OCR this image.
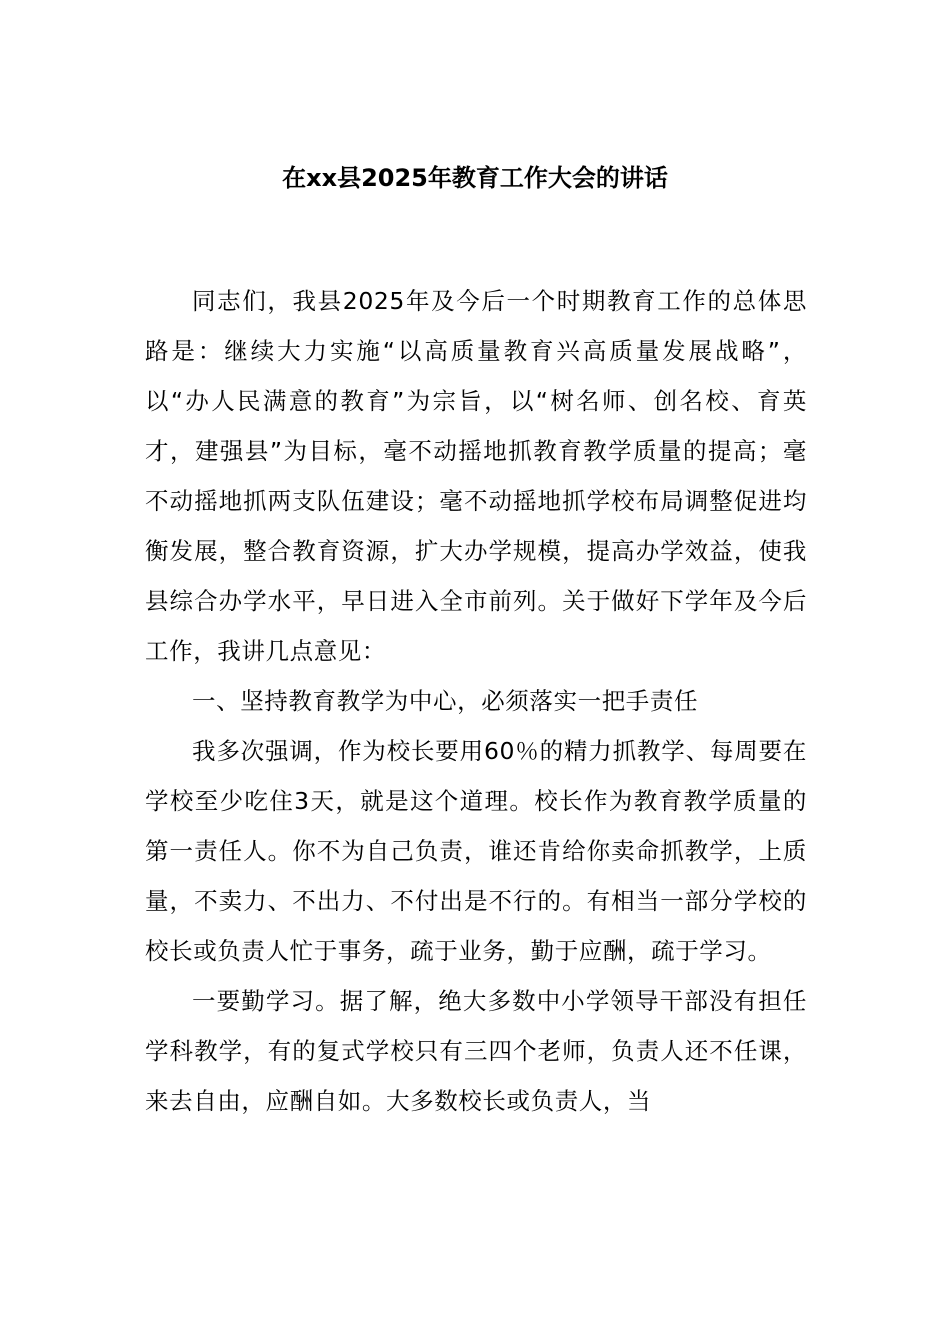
在xx县2025年教育工作大会的讲话

同志们，我县2025年及今后一个时期教育工作的总体思路是：继续大力实施“以高质量教育兴高质量发展战略”，以“办人民满意的教育”为宗旨，以“树名师、创名校、育英才，建强县”为目标，毫不动摇地抓教育教学质量的提高；毫不动摇地抓两支队伍建设；毫不动摇地抓学校布局调整促进均衡发展，整合教育资源，扩大办学规模，提高办学效益，使我县综合办学水平，早日进入全市前列。关于做好下学年及今后工作，我讲几点意见：

一、坚持教育教学为中心，必须落实一把手责任

我多次强调，作为校长要用60％的精力抓教学、每周要在学校至少吃住3天，就是这个道理。校长作为教育教学质量的第一责任人。你不为自己负责，谁还肯给你卖命抓教学，上质量，不卖力、不出力、不付出是不行的。有相当一部分学校的校长或负责人忙于事务，疏于业务，勤于应酬，疏于学习。

一要勤学习。据了解，绝大多数中小学领导干部没有担任学科教学，有的复式学校只有三四个老师，负责人还不任课，来去自由，应酬自如。大多数校长或负责人，当
